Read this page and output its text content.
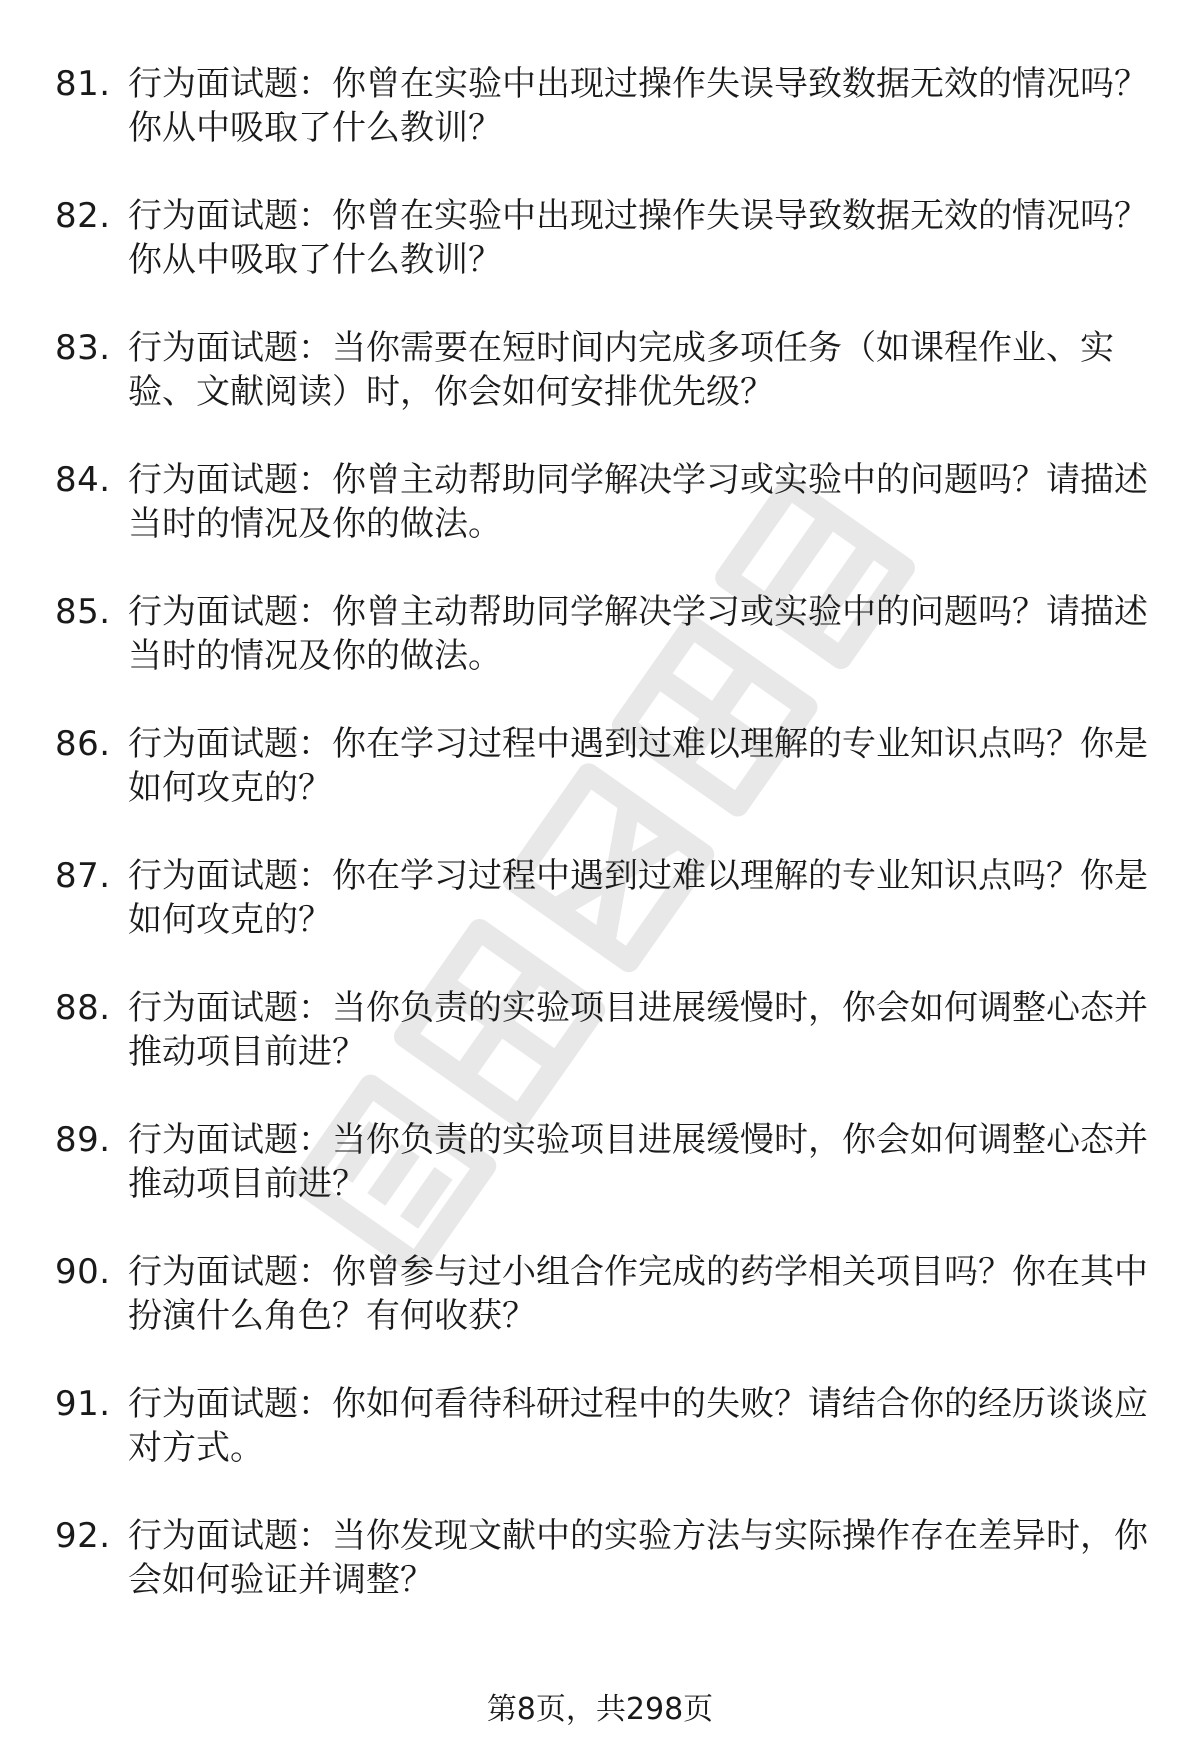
81. 行为面试题：你曾在实验中出现过操作失误导致数据无效的情况吗？你从中吸取了什么教训？
82. 行为面试题：你曾在实验中出现过操作失误导致数据无效的情况吗？你从中吸取了什么教训？
83. 行为面试题：当你需要在短时间内完成多项任务（如课程作业、实验、文献阅读）时，你会如何安排优先级？
84. 行为面试题：你曾主动帮助同学解决学习或实验中的问题吗？请描述当时的情况及你的做法。
85. 行为面试题：你曾主动帮助同学解决学习或实验中的问题吗？请描述当时的情况及你的做法。
86. 行为面试题：你在学习过程中遇到过难以理解的专业知识点吗？你是如何攻克的？
87. 行为面试题：你在学习过程中遇到过难以理解的专业知识点吗？你是如何攻克的？
88. 行为面试题：当你负责的实验项目进展缓慢时，你会如何调整心态并推动项目前进？
89. 行为面试题：当你负责的实验项目进展缓慢时，你会如何调整心态并推动项目前进？
90. 行为面试题：你曾参与过小组合作完成的药学相关项目吗？你在其中扮演什么角色？有何收获？
91. 行为面试题：你如何看待科研过程中的失败？请结合你的经历谈谈应对方式。
92. 行为面试题：当你发现文献中的实验方法与实际操作存在差异时，你会如何验证并调整？
第8页，共298页
